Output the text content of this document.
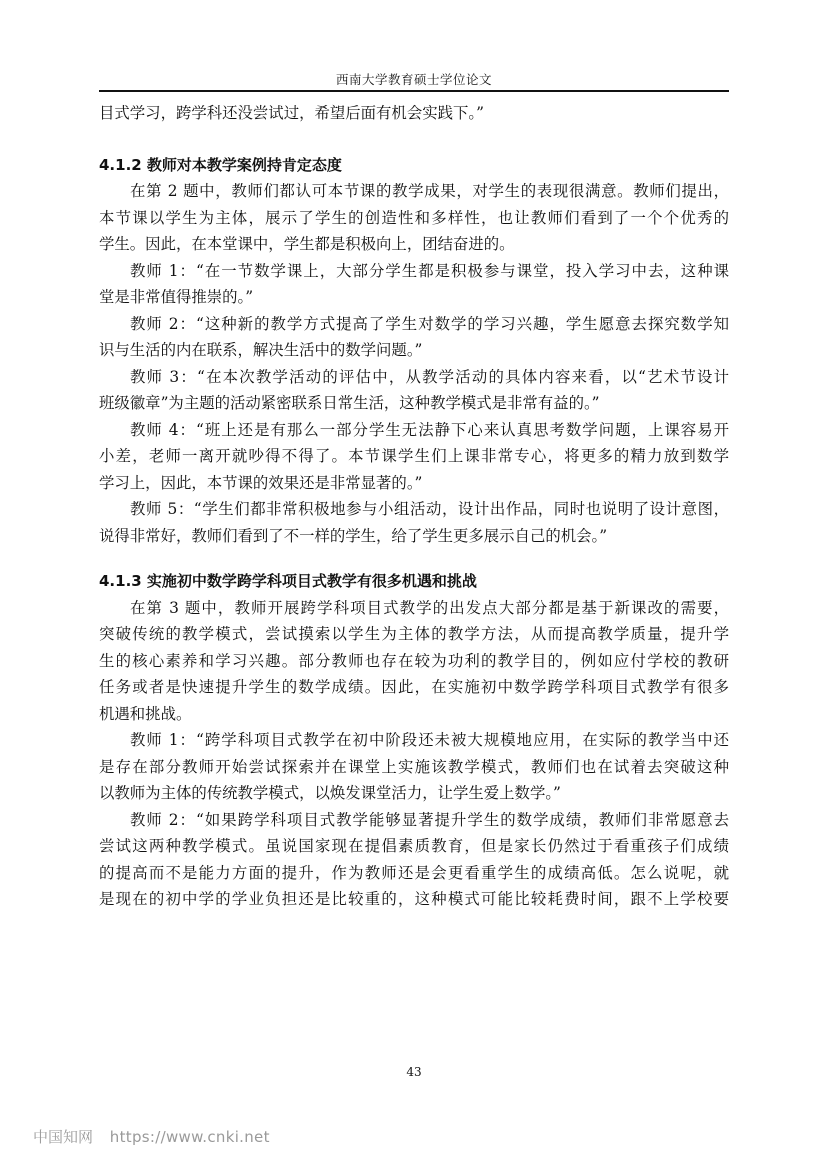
西南大学教育硕士学位论文

目式学习，跨学科还没尝试过，希望后面有机会实践下。”

4.1.2 教师对本教学案例持肯定态度

在第 2 题中，教师们都认可本节课的教学成果，对学生的表现很满意。教师们提出，

本节课以学生为主体，展示了学生的创造性和多样性，也让教师们看到了一个个优秀的

学生。因此，在本堂课中，学生都是积极向上，团结奋进的。

教师 1：“在一节数学课上，大部分学生都是积极参与课堂，投入学习中去，这种课

堂是非常值得推崇的。”

教师 2：“这种新的教学方式提高了学生对数学的学习兴趣，学生愿意去探究数学知

识与生活的内在联系，解决生活中的数学问题。”

教师 3：“在本次教学活动的评估中，从教学活动的具体内容来看，以“艺术节设计

班级徽章”为主题的活动紧密联系日常生活，这种教学模式是非常有益的。”

教师 4：“班上还是有那么一部分学生无法静下心来认真思考数学问题，上课容易开

小差，老师一离开就吵得不得了。本节课学生们上课非常专心，将更多的精力放到数学

学习上，因此，本节课的效果还是非常显著的。”

教师 5：“学生们都非常积极地参与小组活动，设计出作品，同时也说明了设计意图，

说得非常好，教师们看到了不一样的学生，给了学生更多展示自己的机会。”

4.1.3 实施初中数学跨学科项目式教学有很多机遇和挑战

在第 3 题中，教师开展跨学科项目式教学的出发点大部分都是基于新课改的需要，

突破传统的教学模式，尝试摸索以学生为主体的教学方法，从而提高教学质量，提升学

生的核心素养和学习兴趣。部分教师也存在较为功利的教学目的，例如应付学校的教研

任务或者是快速提升学生的数学成绩。因此，在实施初中数学跨学科项目式教学有很多

机遇和挑战。

教师 1：“跨学科项目式教学在初中阶段还未被大规模地应用，在实际的教学当中还

是存在部分教师开始尝试探索并在课堂上实施该教学模式，教师们也在试着去突破这种

以教师为主体的传统教学模式，以焕发课堂活力，让学生爱上数学。”

教师 2：“如果跨学科项目式教学能够显著提升学生的数学成绩，教师们非常愿意去

尝试这两种教学模式。虽说国家现在提倡素质教育，但是家长仍然过于看重孩子们成绩

的提高而不是能力方面的提升，作为教师还是会更看重学生的成绩高低。怎么说呢，就

是现在的初中学的学业负担还是比较重的，这种模式可能比较耗费时间，跟不上学校要

43
中国知网 https://www.cnki.net
